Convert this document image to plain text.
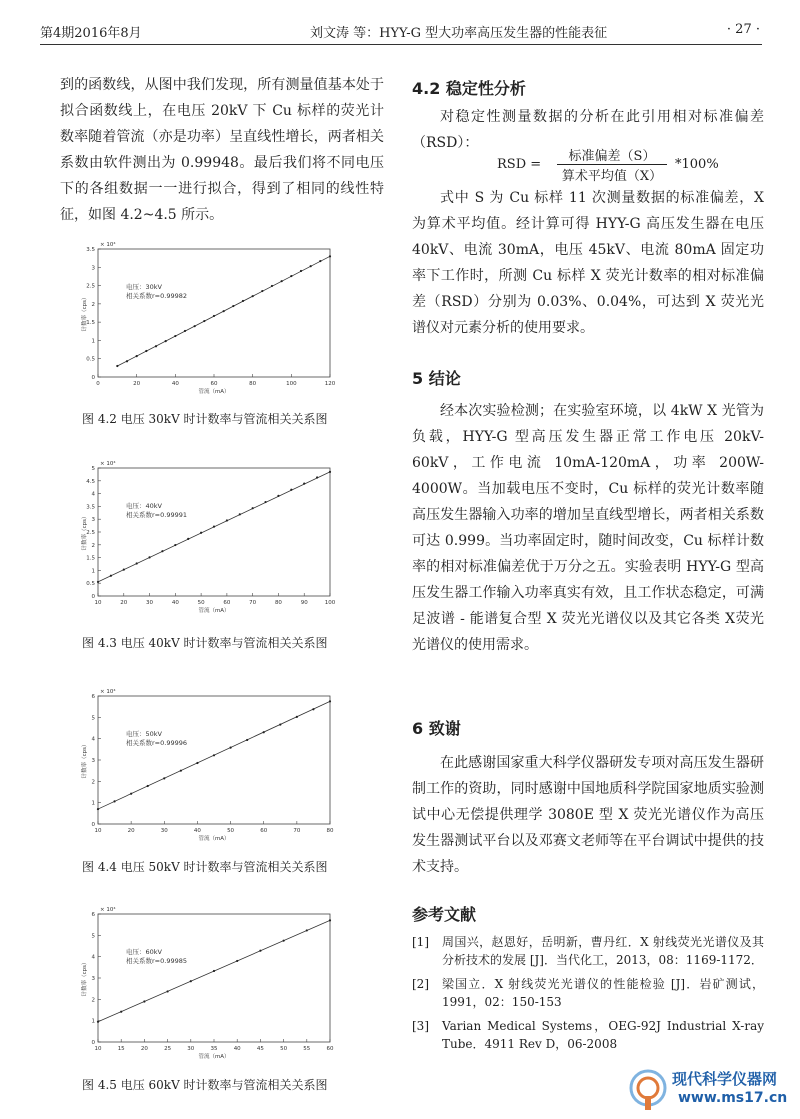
第4期2016年8月	刘文涛 等：HYY-G 型大功率高压发生器的性能表征	· 27 ·

到的函数线，从图中我们发现，所有测量值基本处于拟合函数线上，在电压 20kV 下 Cu 标样的荧光计数率随着管流（亦是功率）呈直线性增长，两者相关系数由软件测出为 0.99948。最后我们将不同电压下的各组数据一一进行拟合，得到了相同的线性特征，如图 4.2~4.5 所示。

0	20	40	60	80	100	120
0
0.5
1
1.5
2
2.5
3
3.5
× 10⁴
管流（mA）
计数率（cps）
电压：30kV
相关系数r=0.99982
图 4.2 电压 30kV 时计数率与管流相关关系图
10	20	30	40	50	60	70	80	90	100
0
0.5
1
1.5
2
2.5
3
3.5
4
4.5
5
× 10⁴
管流（mA）
计数率（cps）
电压：40kV
相关系数r=0.99991
图 4.3 电压 40kV 时计数率与管流相关关系图
10	20	30	40	50	60	70	80
0
1
2
3
4
5
6
× 10⁴
管流（mA）
计数率（cps）
电压：50kV
相关系数r=0.99996
图 4.4 电压 50kV 时计数率与管流相关关系图
10	15	20	25	30	35	40	45	50	55	60
0
1
2
3
4
5
6
× 10⁴
管流（mA）
计数率（cps）
电压：60kV
相关系数r=0.99985
图 4.5 电压 60kV 时计数率与管流相关关系图
4.2 稳定性分析

对稳定性测量数据的分析在此引用相对标准偏差（RSD）：

RSD =
标准偏差（S）
算术平均值（X）
*100%

式中 S 为 Cu 标样 11 次测量数据的标准偏差，X 为算术平均值。经计算可得 HYY-G 高压发生器在电压 40kV、电流 30mA，电压 45kV、电流 80mA 固定功率下工作时，所测 Cu 标样 X 荧光计数率的相对标准偏差（RSD）分别为 0.03%、0.04%，可达到 X 荧光光谱仪对元素分析的使用要求。

5 结论

经本次实验检测；在实验室环境，以 4kW X 光管为负载，HYY-G 型高压发生器正常工作电压 20kV-60kV，工作电流 10mA-120mA，功率 200W-4000W。当加载电压不变时，Cu 标样的荧光计数率随高压发生器输入功率的增加呈直线型增长，两者相关系数可达 0.999。当功率固定时，随时间改变，Cu 标样计数率的相对标准偏差优于万分之五。实验表明 HYY-G 型高压发生器工作输入功率真实有效，且工作状态稳定，可满足波谱 - 能谱复合型 X 荧光光谱仪以及其它各类 X荧光光谱仪的使用需求。

6 致谢

在此感谢国家重大科学仪器研发专项对高压发生器研制工作的资助，同时感谢中国地质科学院国家地质实验测试中心无偿提供理学 3080E 型 X 荧光光谱仪作为高压发生器测试平台以及邓赛文老师等在平台调试中提供的技术支持。

参考文献
[1] 周国兴，赵恩好，岳明新，曹丹红．X 射线荧光光谱仪及其分析技术的发展 [J]．当代化工，2013，08：1169-1172．
[2] 梁国立．X 射线荧光光谱仪的性能检验 [J]．岩矿测试，1991，02：150-153
[3] Varian Medical Systems，OEG-92J Industrial X-ray Tube．4911 Rev D，06-2008
现代科学仪器网
www.ms17.cn
